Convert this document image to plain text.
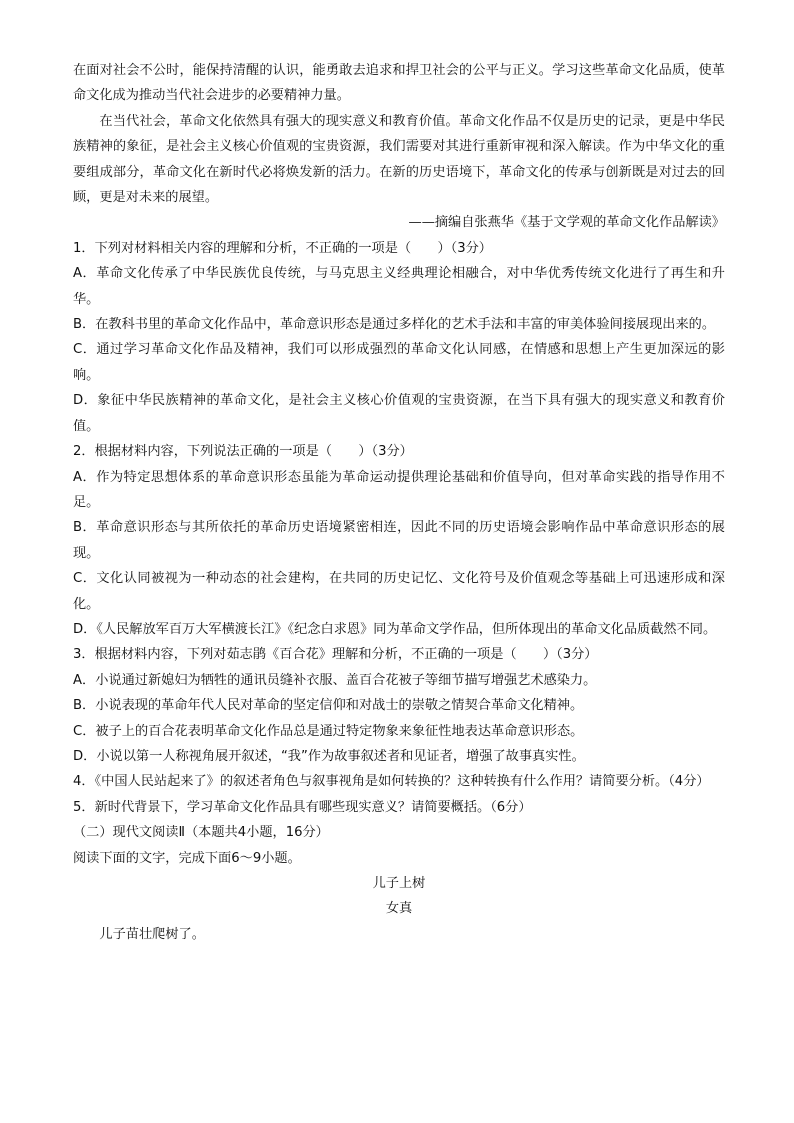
在面对社会不公时，能保持清醒的认识，能勇敢去追求和捍卫社会的公平与正义。学习这些革命文化品质，使革命文化成为推动当代社会进步的必要精神力量。

在当代社会，革命文化依然具有强大的现实意义和教育价值。革命文化作品不仅是历史的记录，更是中华民族精神的象征，是社会主义核心价值观的宝贵资源，我们需要对其进行重新审视和深入解读。作为中华文化的重要组成部分，革命文化在新时代必将焕发新的活力。在新的历史语境下，革命文化的传承与创新既是对过去的回顾，更是对未来的展望。

——摘编自张燕华《基于文学观的革命文化作品解读》

1．下列对材料相关内容的理解和分析，不正确的一项是（　　）（3分）

A．革命文化传承了中华民族优良传统，与马克思主义经典理论相融合，对中华优秀传统文化进行了再生和升华。

B．在教科书里的革命文化作品中，革命意识形态是通过多样化的艺术手法和丰富的审美体验间接展现出来的。

C．通过学习革命文化作品及精神，我们可以形成强烈的革命文化认同感，在情感和思想上产生更加深远的影响。

D．象征中华民族精神的革命文化，是社会主义核心价值观的宝贵资源，在当下具有强大的现实意义和教育价值。

2．根据材料内容，下列说法正确的一项是（　　）（3分）

A．作为特定思想体系的革命意识形态虽能为革命运动提供理论基础和价值导向，但对革命实践的指导作用不足。

B．革命意识形态与其所依托的革命历史语境紧密相连，因此不同的历史语境会影响作品中革命意识形态的展现。

C．文化认同被视为一种动态的社会建构，在共同的历史记忆、文化符号及价值观念等基础上可迅速形成和深化。

D．《人民解放军百万大军横渡长江》《纪念白求恩》同为革命文学作品，但所体现出的革命文化品质截然不同。

3．根据材料内容，下列对茹志鹃《百合花》理解和分析，不正确的一项是（　　）（3分）

A．小说通过新媳妇为牺牲的通讯员缝补衣服、盖百合花被子等细节描写增强艺术感染力。

B．小说表现的革命年代人民对革命的坚定信仰和对战士的崇敬之情契合革命文化精神。

C．被子上的百合花表明革命文化作品总是通过特定物象来象征性地表达革命意识形态。

D．小说以第一人称视角展开叙述，“我”作为故事叙述者和见证者，增强了故事真实性。

4．《中国人民站起来了》的叙述者角色与叙事视角是如何转换的？这种转换有什么作用？请简要分析。（4分）

5．新时代背景下，学习革命文化作品具有哪些现实意义？请简要概括。（6分）

（二）现代文阅读Ⅱ（本题共4小题，16分）

阅读下面的文字，完成下面6～9小题。

儿子上树

女真

儿子苗壮爬树了。
